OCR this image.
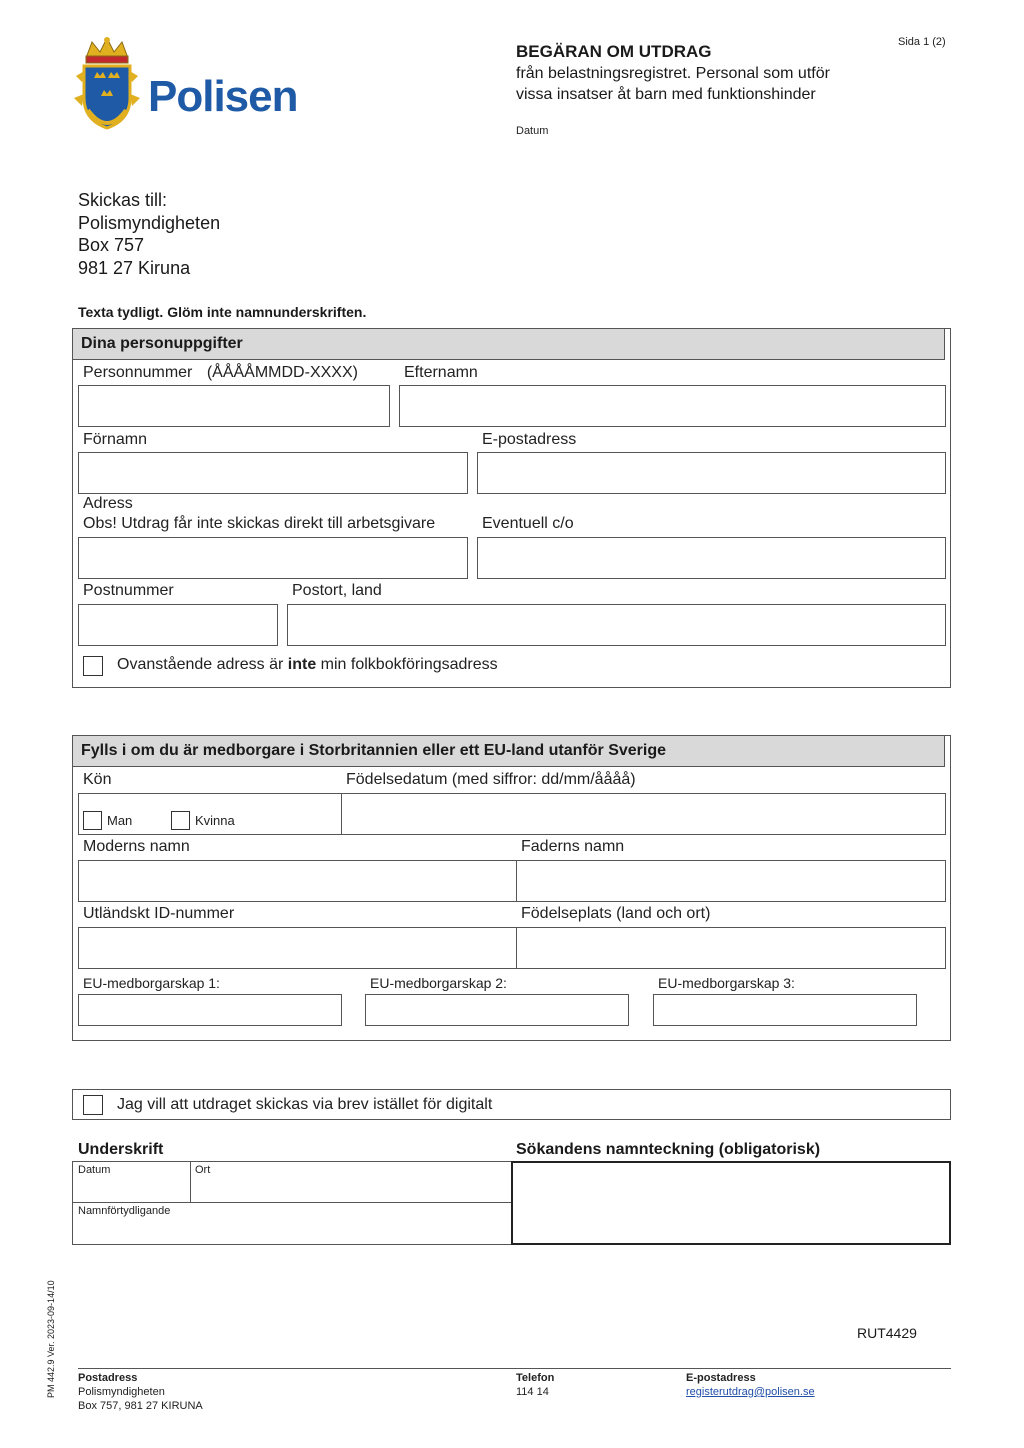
Polisen
BEGÄRAN OM UTDRAG
från belastningsregistret. Personal som utför
vissa insatser åt barn med funktionshinder
Datum
Sida 1 (2)
Skickas till:
Polismyndigheten
Box 757
981 27 Kiruna
Texta tydligt. Glöm inte namnunderskriften.
Dina personuppgifter
Personnummer (ÅÅÅÅMMDD-XXXX)	Efternamn
Förnamn	E-postadress
Adress
Obs! Utdrag får inte skickas direkt till arbetsgivare	Eventuell c/o
Postnummer	Postort, land
Ovanstående adress är inte min folkbokföringsadress
Fylls i om du är medborgare i Storbritannien eller ett EU-land utanför Sverige
Kön	Födelsedatum (med siffror: dd/mm/åååå)
Man	Kvinna
Moderns namn	Faderns namn
Utländskt ID-nummer	Födelseplats (land och ort)
EU-medborgarskap 1:	EU-medborgarskap 2:	EU-medborgarskap 3:
Jag vill att utdraget skickas via brev istället för digitalt
Underskrift	Sökandens namnteckning (obligatorisk)
Datum	Ort
Namnförtydligande
RUT4429
PM 442.9 Ver. 2023-09-14/10 Postadress
Polismyndigheten
Box 757, 981 27 KIRUNA
Telefon
114 14
E-postadress
registerutdrag@polisen.se
